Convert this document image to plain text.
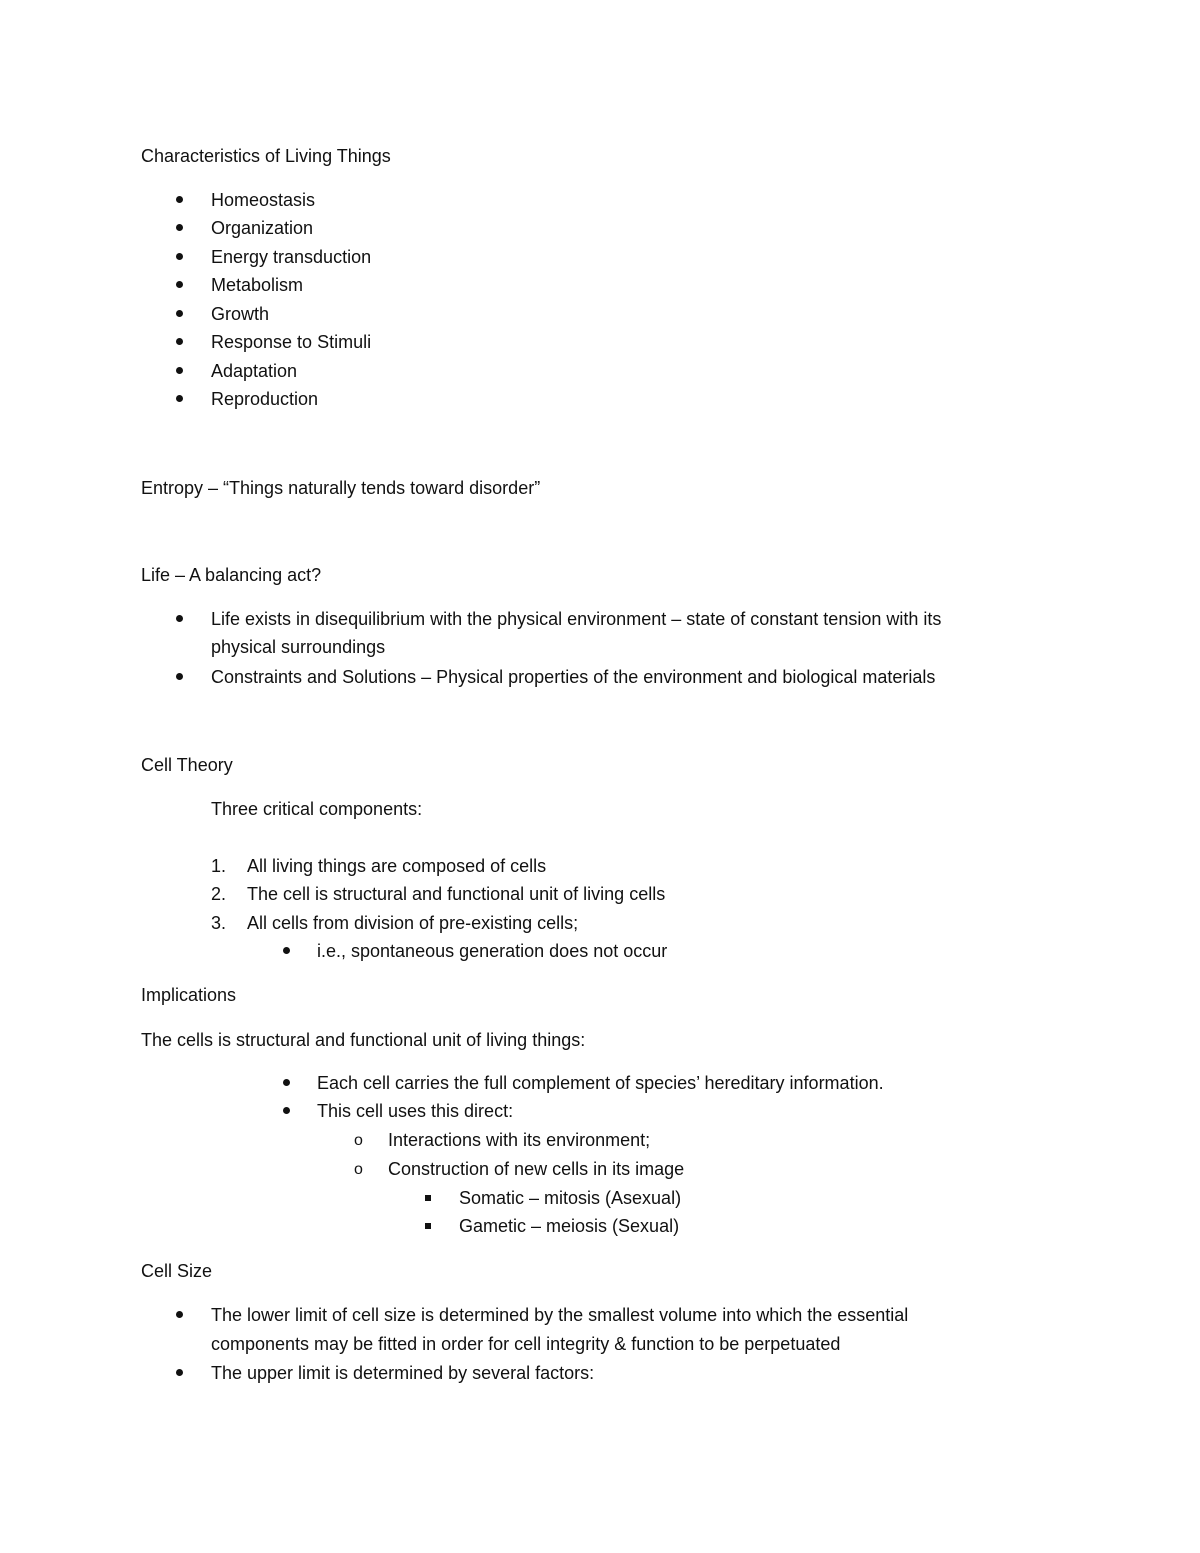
Characteristics of Living Things
Homeostasis
Organization
Energy transduction
Metabolism
Growth
Response to Stimuli
Adaptation
Reproduction
Entropy – “Things naturally tends toward disorder”
Life – A balancing act?
Life exists in disequilibrium with the physical environment – state of constant tension with its
physical surroundings
Constraints and Solutions – Physical properties of the environment and biological materials
Cell Theory
Three critical components:
1. All living things are composed of cells
2. The cell is structural and functional unit of living cells
3. All cells from division of pre-existing cells;
i.e., spontaneous generation does not occur
Implications
The cells is structural and functional unit of living things:
Each cell carries the full complement of species’ hereditary information.
This cell uses this direct:
o Interactions with its environment;
o Construction of new cells in its image
Somatic – mitosis (Asexual)
Gametic – meiosis (Sexual)
Cell Size
The lower limit of cell size is determined by the smallest volume into which the essential
components may be fitted in order for cell integrity & function to be perpetuated
The upper limit is determined by several factors:
